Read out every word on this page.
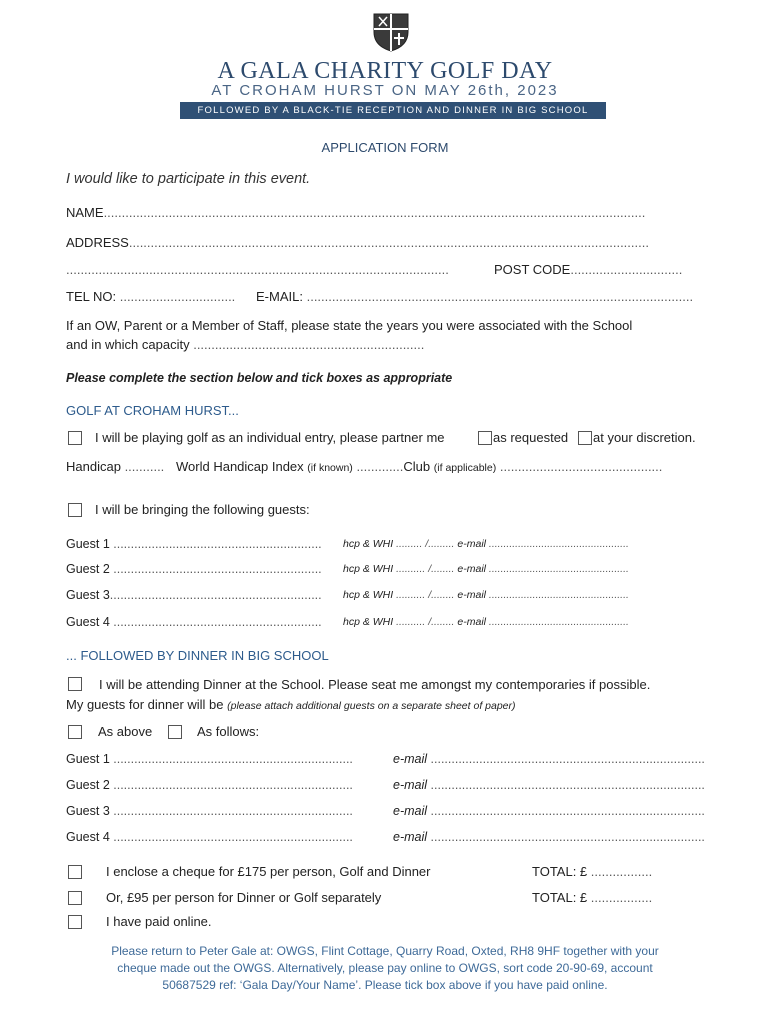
A GALA CHARITY GOLF DAY
AT CROHAM HURST ON MAY 26th, 2023
FOLLOWED BY A BLACK-TIE RECEPTION AND DINNER IN BIG SCHOOL
APPLICATION FORM
I would like to participate in this event.
NAME......................................................................................................................................................
ADDRESS................................................................................................................................................
..........................................................................................................	POST CODE...............................
TEL NO: ................................ E-MAIL: ...........................................................................................................
If an OW, Parent or a Member of Staff, please state the years you were associated with the School
and in which capacity ................................................................
Please complete the section below and tick boxes as appropriate
GOLF AT CROHAM HURST...
I will be playing golf as an individual entry, please partner me	as requested at your discretion.
Handicap ........... World Handicap Index (if known) .............Club (if applicable) .............................................
I will be bringing the following guests:
Guest 1 ............................................................ hcp & WHI ......... /......... e-mail ................................................
Guest 2 ............................................................ hcp & WHI .......... /........ e-mail ................................................
Guest 3............................................................. hcp & WHI .......... /........ e-mail ................................................
Guest 4 ............................................................ hcp & WHI .......... /........ e-mail ................................................
... FOLLOWED BY DINNER IN BIG SCHOOL
I will be attending Dinner at the School. Please seat me amongst my contemporaries if possible.
My guests for dinner will be (please attach additional guests on a separate sheet of paper)
As above	As follows:
Guest 1 .....................................................................	e-mail ...............................................................................
Guest 2 .....................................................................	e-mail ...............................................................................
Guest 3 .....................................................................	e-mail ...............................................................................
Guest 4 .....................................................................	e-mail ...............................................................................
I enclose a cheque for £175 per person, Golf and Dinner	TOTAL: £ .................
Or, £95 per person for Dinner or Golf separately	TOTAL: £ .................
I have paid online.
Please return to Peter Gale at: OWGS, Flint Cottage, Quarry Road, Oxted, RH8 9HF together with your
cheque made out the OWGS. Alternatively, please pay online to OWGS, sort code 20-90-69, account
50687529 ref: ‘Gala Day/Your Name’. Please tick box above if you have paid online.
